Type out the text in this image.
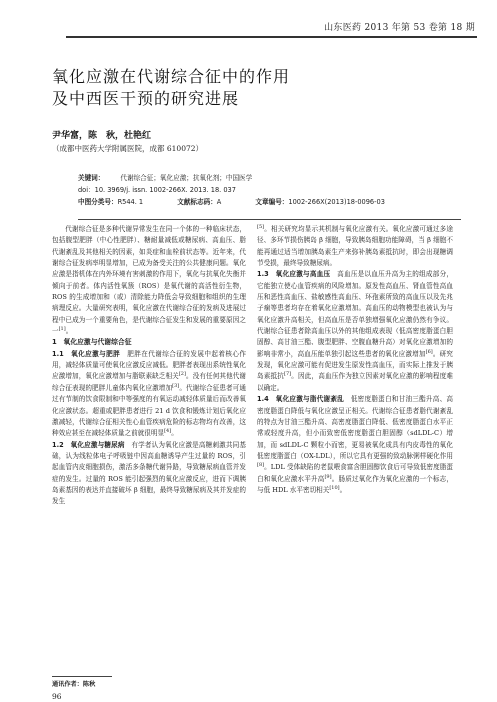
山东医药 2013 年第 53 卷第 18 期
氧化应激在代谢综合征中的作用
及中西医干预的研究进展
尹华富，陈　秋，杜艳红
（成都中医药大学附属医院，成都 610072）
关键词： 代谢综合征；氧化应激；抗氧化剂；中国医学
doi：10. 3969/j. issn. 1002-266X. 2013. 18. 037
中图分类号：R544. 1	文献标志码：A	文章编号：1002-266X(2013)18-0096-03

代谢综合征是多种代谢异常发生在同一个体的一种临床状态，包括腹型肥胖（中心性肥胖）、糖耐量减低或糖尿病、高血压、脂代谢紊乱及其他相关的因素，如炎症和血栓前状态等。近年来，代谢综合征发病率明显增加，已成为备受关注的公共健康问题。氧化应激是指机体在内外环境有害刺激的作用下，氧化与抗氧化失衡并倾向于前者。体内活性氧簇（ROS）是氧代谢的高活性衍生物，ROS 的生成增加和（或）清除能力降低会导致细胞和组织的生理病理反应。大量研究表明，氧化应激在代谢综合征的发病及进展过程中已成为一个重要角色，是代谢综合征发生和发展的重要原因之一[1]。

1　氧化应激与代谢综合征

1.1　氧化应激与肥胖　肥胖在代谢综合征的发展中起着核心作用，减轻体质量可使氧化应激反应减低。肥胖者表现出系统性氧化应激增加，氧化应激增加与脂联素缺乏相关[2]。没有任何其他代谢综合征表现的肥胖儿童体内氧化应激增加[3]。代谢综合征患者可通过有节制的饮食限制和中等强度的有氧运动减轻体质量后而改善氧化应激状态。超重或肥胖患者进行 21 d 饮食和锻炼计划后氧化应激减轻，代谢综合征相关性心血管疾病危险的标志物均有改善，这种效应甚至在减轻体质量之前就很明显[4]。

1.2　氧化应激与糖尿病　有学者认为氧化应激是高糖刺激共同基础，认为线粒体电子呼吸链中因高血糖诱导产生过量的 ROS，引起血管内皮细胞损伤，激活多条糖代谢异路，导致糖尿病血管并发症的发生。过量的 ROS 能引起强烈的氧化应激反应，进而下调胰岛素基因的表达并直接破坏 β 细胞，最终导致糖尿病及其并发症的发生

[5]。相关研究均显示其机制与氧化应激有关。氧化应激可通过多途径、多环节损伤胰岛 β 细胞，导致胰岛细胞功能障碍，当 β 细胞不能再通过适当增加胰岛素生产来弥补胰岛素抵抗时，即会出现糖调节受损，最终导致糖尿病。

1.3　氧化应激与高血压　高血压是以血压升高为主的组成部分，它能独立使心血管疾病的风险增加。原发性高血压、肾血管性高血压和恶性高血压、盐敏感性高血压、环孢素所致的高血压以及先兆子痫等患者均存在着氧化应激增加。高血压的动物模型也被认为与氧化应激升高相关，但高血压是否单独增强氧化应激仍然有争议。代谢综合征患者除高血压以外的其他组成表现（低高密度脂蛋白胆固醇、高甘油三酯、腹型肥胖、空腹血糖升高）对氧化应激增加的影响非常小，高血压能单独引起这些患者的氧化应激增加[6]。研究发现，氧化应激可能有促进发生原发性高血压，而实际上推发于胰岛素抵抗[7]。因此，高血压作为独立因素对氧化应激的影响程度难以确定。

1.4　氧化应激与脂代谢紊乱　低密度脂蛋白和甘油三酯升高、高密度脂蛋白降低与氧化应激呈正相关。代谢综合征患者脂代谢紊乱的特点为甘油三酯升高、高密度脂蛋白降低、低密度脂蛋白水平正常或轻度升高，但小而致密低密度脂蛋白胆固醇（sdLDL-C）增加，而 sdLDL-C 颗粒小而密，更易被氧化成具有内皮毒性的氧化低密度脂蛋白（OX-LDL），所以它具有更强的致动脉粥样硬化作用[8]。LDL 受体缺陷的老鼠喂食富含胆固醇饮食后可导致低密度脂蛋白和氧化应激水平升高[9]。肠质过氧化作为氧化应激的一个标志，与低 HDL 水平密切相关[10]。

通讯作者：陈秋
96
